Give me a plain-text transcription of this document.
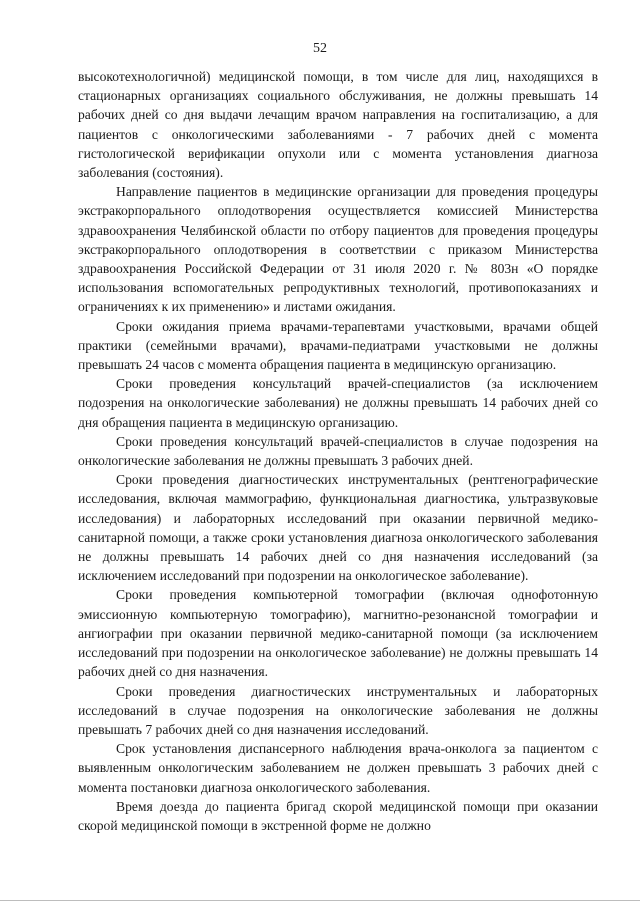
52

высокотехнологичной) медицинской помощи, в том числе для лиц, находящихся в стационарных организациях социального обслуживания, не должны превышать 14 рабочих дней со дня выдачи лечащим врачом направления на госпитализацию, а для пациентов с онкологическими заболеваниями - 7 рабочих дней с момента гистологической верификации опухоли или с момента установления диагноза заболевания (состояния).

Направление пациентов в медицинские организации для проведения процедуры экстракорпорального оплодотворения осуществляется комиссией Министерства здравоохранения Челябинской области по отбору пациентов для проведения процедуры экстракорпорального оплодотворения в соответствии с приказом Министерства здравоохранения Российской Федерации от 31 июля 2020 г. № 803н «О порядке использования вспомогательных репродуктивных технологий, противопоказаниях и ограничениях к их применению» и листами ожидания.

Сроки ожидания приема врачами-терапевтами участковыми, врачами общей практики (семейными врачами), врачами-педиатрами участковыми не должны превышать 24 часов с момента обращения пациента в медицинскую организацию.

Сроки проведения консультаций врачей-специалистов (за исключением подозрения на онкологические заболевания) не должны превышать 14 рабочих дней со дня обращения пациента в медицинскую организацию.

Сроки проведения консультаций врачей-специалистов в случае подозрения на онкологические заболевания не должны превышать 3 рабочих дней.

Сроки проведения диагностических инструментальных (рентгенографические исследования, включая маммографию, функциональная диагностика, ультразвуковые исследования) и лабораторных исследований при оказании первичной медико-санитарной помощи, а также сроки установления диагноза онкологического заболевания не должны превышать 14 рабочих дней со дня назначения исследований (за исключением исследований при подозрении на онкологическое заболевание).

Сроки проведения компьютерной томографии (включая однофотонную эмиссионную компьютерную томографию), магнитно-резонансной томографии и ангиографии при оказании первичной медико-санитарной помощи (за исключением исследований при подозрении на онкологическое заболевание) не должны превышать 14 рабочих дней со дня назначения.

Сроки проведения диагностических инструментальных и лабораторных исследований в случае подозрения на онкологические заболевания не должны превышать 7 рабочих дней со дня назначения исследований.

Срок установления диспансерного наблюдения врача-онколога за пациентом с выявленным онкологическим заболеванием не должен превышать 3 рабочих дней с момента постановки диагноза онкологического заболевания.

Время доезда до пациента бригад скорой медицинской помощи при оказании скорой медицинской помощи в экстренной форме не должно
